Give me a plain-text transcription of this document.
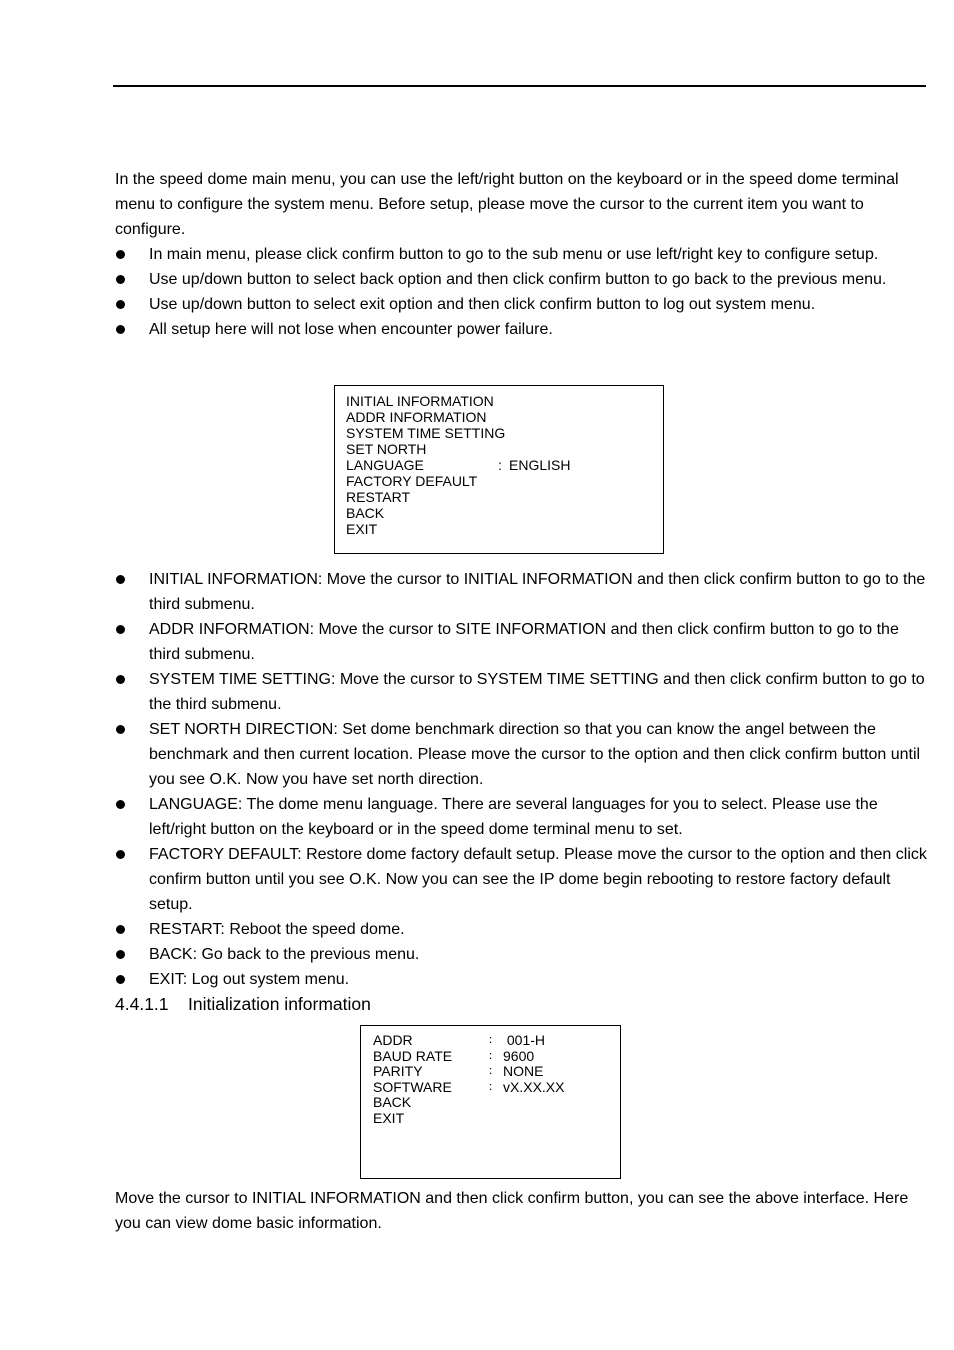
In the speed dome main menu, you can use the left/right button on the keyboard or in the speed dome terminal menu to configure the system menu. Before setup, please move the cursor to the current item you want to configure.

In main menu, please click confirm button to go to the sub menu or use left/right key to configure setup.
Use up/down button to select back option and then click confirm button to go back to the previous menu.
Use up/down button to select exit option and then click confirm button to log out system menu.
All setup here will not lose when encounter power failure.
INITIAL INFORMATION
ADDR INFORMATION
SYSTEM TIME SETTING
SET NORTH
LANGUAGE	: ENGLISH
FACTORY DEFAULT
RESTART
BACK
EXIT
INITIAL INFORMATION: Move the cursor to INITIAL INFORMATION and then click confirm button to go to the third submenu.
ADDR INFORMATION: Move the cursor to SITE INFORMATION and then click confirm button to go to the third submenu.
SYSTEM TIME SETTING: Move the cursor to SYSTEM TIME SETTING and then click confirm button to go to the third submenu.
SET NORTH DIRECTION: Set dome benchmark direction so that you can know the angel between the benchmark and then current location. Please move the cursor to the option and then click confirm button until you see O.K. Now you have set north direction.
LANGUAGE: The dome menu language. There are several languages for you to select. Please use the left/right button on the keyboard or in the speed dome terminal menu to set.
FACTORY DEFAULT: Restore dome factory default setup. Please move the cursor to the option and then click confirm button until you see O.K. Now you can see the IP dome begin rebooting to restore factory default setup.
RESTART: Reboot the speed dome.
BACK: Go back to the previous menu.
EXIT: Log out system menu.
4.4.1.1 Initialization information
ADDR	： 001-H
BAUD RATE	： 9600
PARITY	： NONE
SOFTWARE	： vX.XX.XX
BACK
EXIT

Move the cursor to INITIAL INFORMATION and then click confirm button, you can see the above interface. Here you can view dome basic information.
